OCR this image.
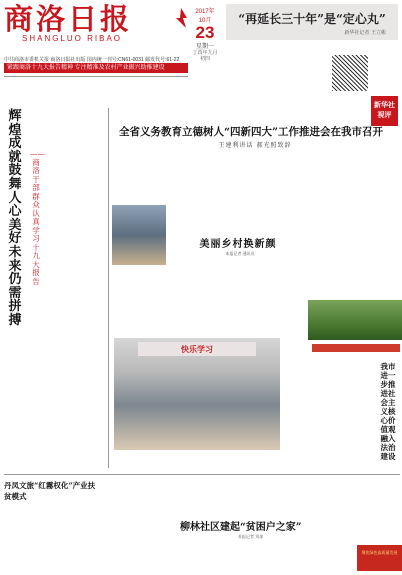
商洛日报
SHANGLUO RIBAO
2017年10月
23
星期一
丁酉年九月初四
“再延长三十年”是“定心丸”
新华社记者 王立彬
中共商洛市委机关报 商洛日报社出版 国内统一刊号:CN61-0031 邮发代号:61-22
紧跟商洛十九大报告精神 专注精准及农村产业振兴助推建设
新华社视评
辉煌成就鼓舞人心 美好未来仍需拼搏
——商洛干部群众认真学习十九大报告
全省义务教育立德树人“四新四大”工作推进会在我市召开
王建利讲话 郝光照致辞
美丽乡村换新颜
本报记者 通讯员
快乐学习
我市进一步推进社会主义核心价值观融入法治建设
丹凤文旅“红霧权化”产业扶贫模式
柳林社区建起“贫困户之家”
本报记者 刘琼
聚焦绿色高质量发展
